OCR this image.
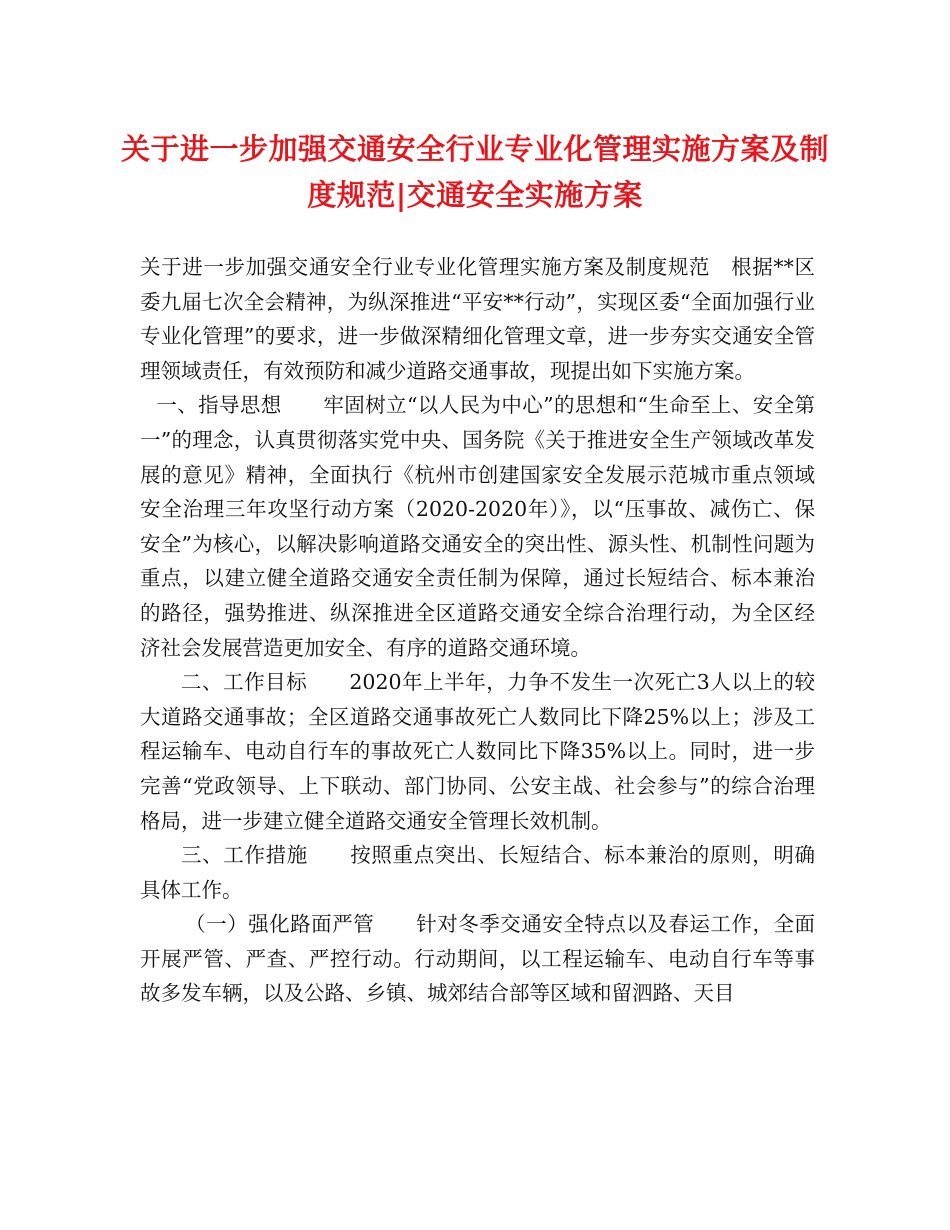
关于进一步加强交通安全行业专业化管理实施方案及制度规范|交通安全实施方案

关于进一步加强交通安全行业专业化管理实施方案及制度规范　根据**区委九届七次全会精神，为纵深推进“平安**行动”，实现区委“全面加强行业专业化管理”的要求，进一步做深精细化管理文章，进一步夯实交通安全管理领域责任，有效预防和减少道路交通事故，现提出如下实施方案。

一、指导思想　　牢固树立“以人民为中心”的思想和“生命至上、安全第一”的理念，认真贯彻落实党中央、国务院《关于推进安全生产领域改革发展的意见》精神，全面执行《杭州市创建国家安全发展示范城市重点领域安全治理三年攻坚行动方案（2020-2020年）》，以“压事故、减伤亡、保安全”为核心，以解决影响道路交通安全的突出性、源头性、机制性问题为重点，以建立健全道路交通安全责任制为保障，通过长短结合、标本兼治的路径，强势推进、纵深推进全区道路交通安全综合治理行动，为全区经济社会发展营造更加安全、有序的道路交通环境。

二、工作目标　　2020年上半年，力争不发生一次死亡3人以上的较大道路交通事故；全区道路交通事故死亡人数同比下降25%以上；涉及工程运输车、电动自行车的事故死亡人数同比下降35%以上。同时，进一步完善“党政领导、上下联动、部门协同、公安主战、社会参与”的综合治理格局，进一步建立健全道路交通安全管理长效机制。

三、工作措施　　按照重点突出、长短结合、标本兼治的原则，明确具体工作。

（一）强化路面严管　　针对冬季交通安全特点以及春运工作，全面开展严管、严查、严控行动。行动期间，以工程运输车、电动自行车等事故多发车辆，以及公路、乡镇、城郊结合部等区域和留泗路、天目
